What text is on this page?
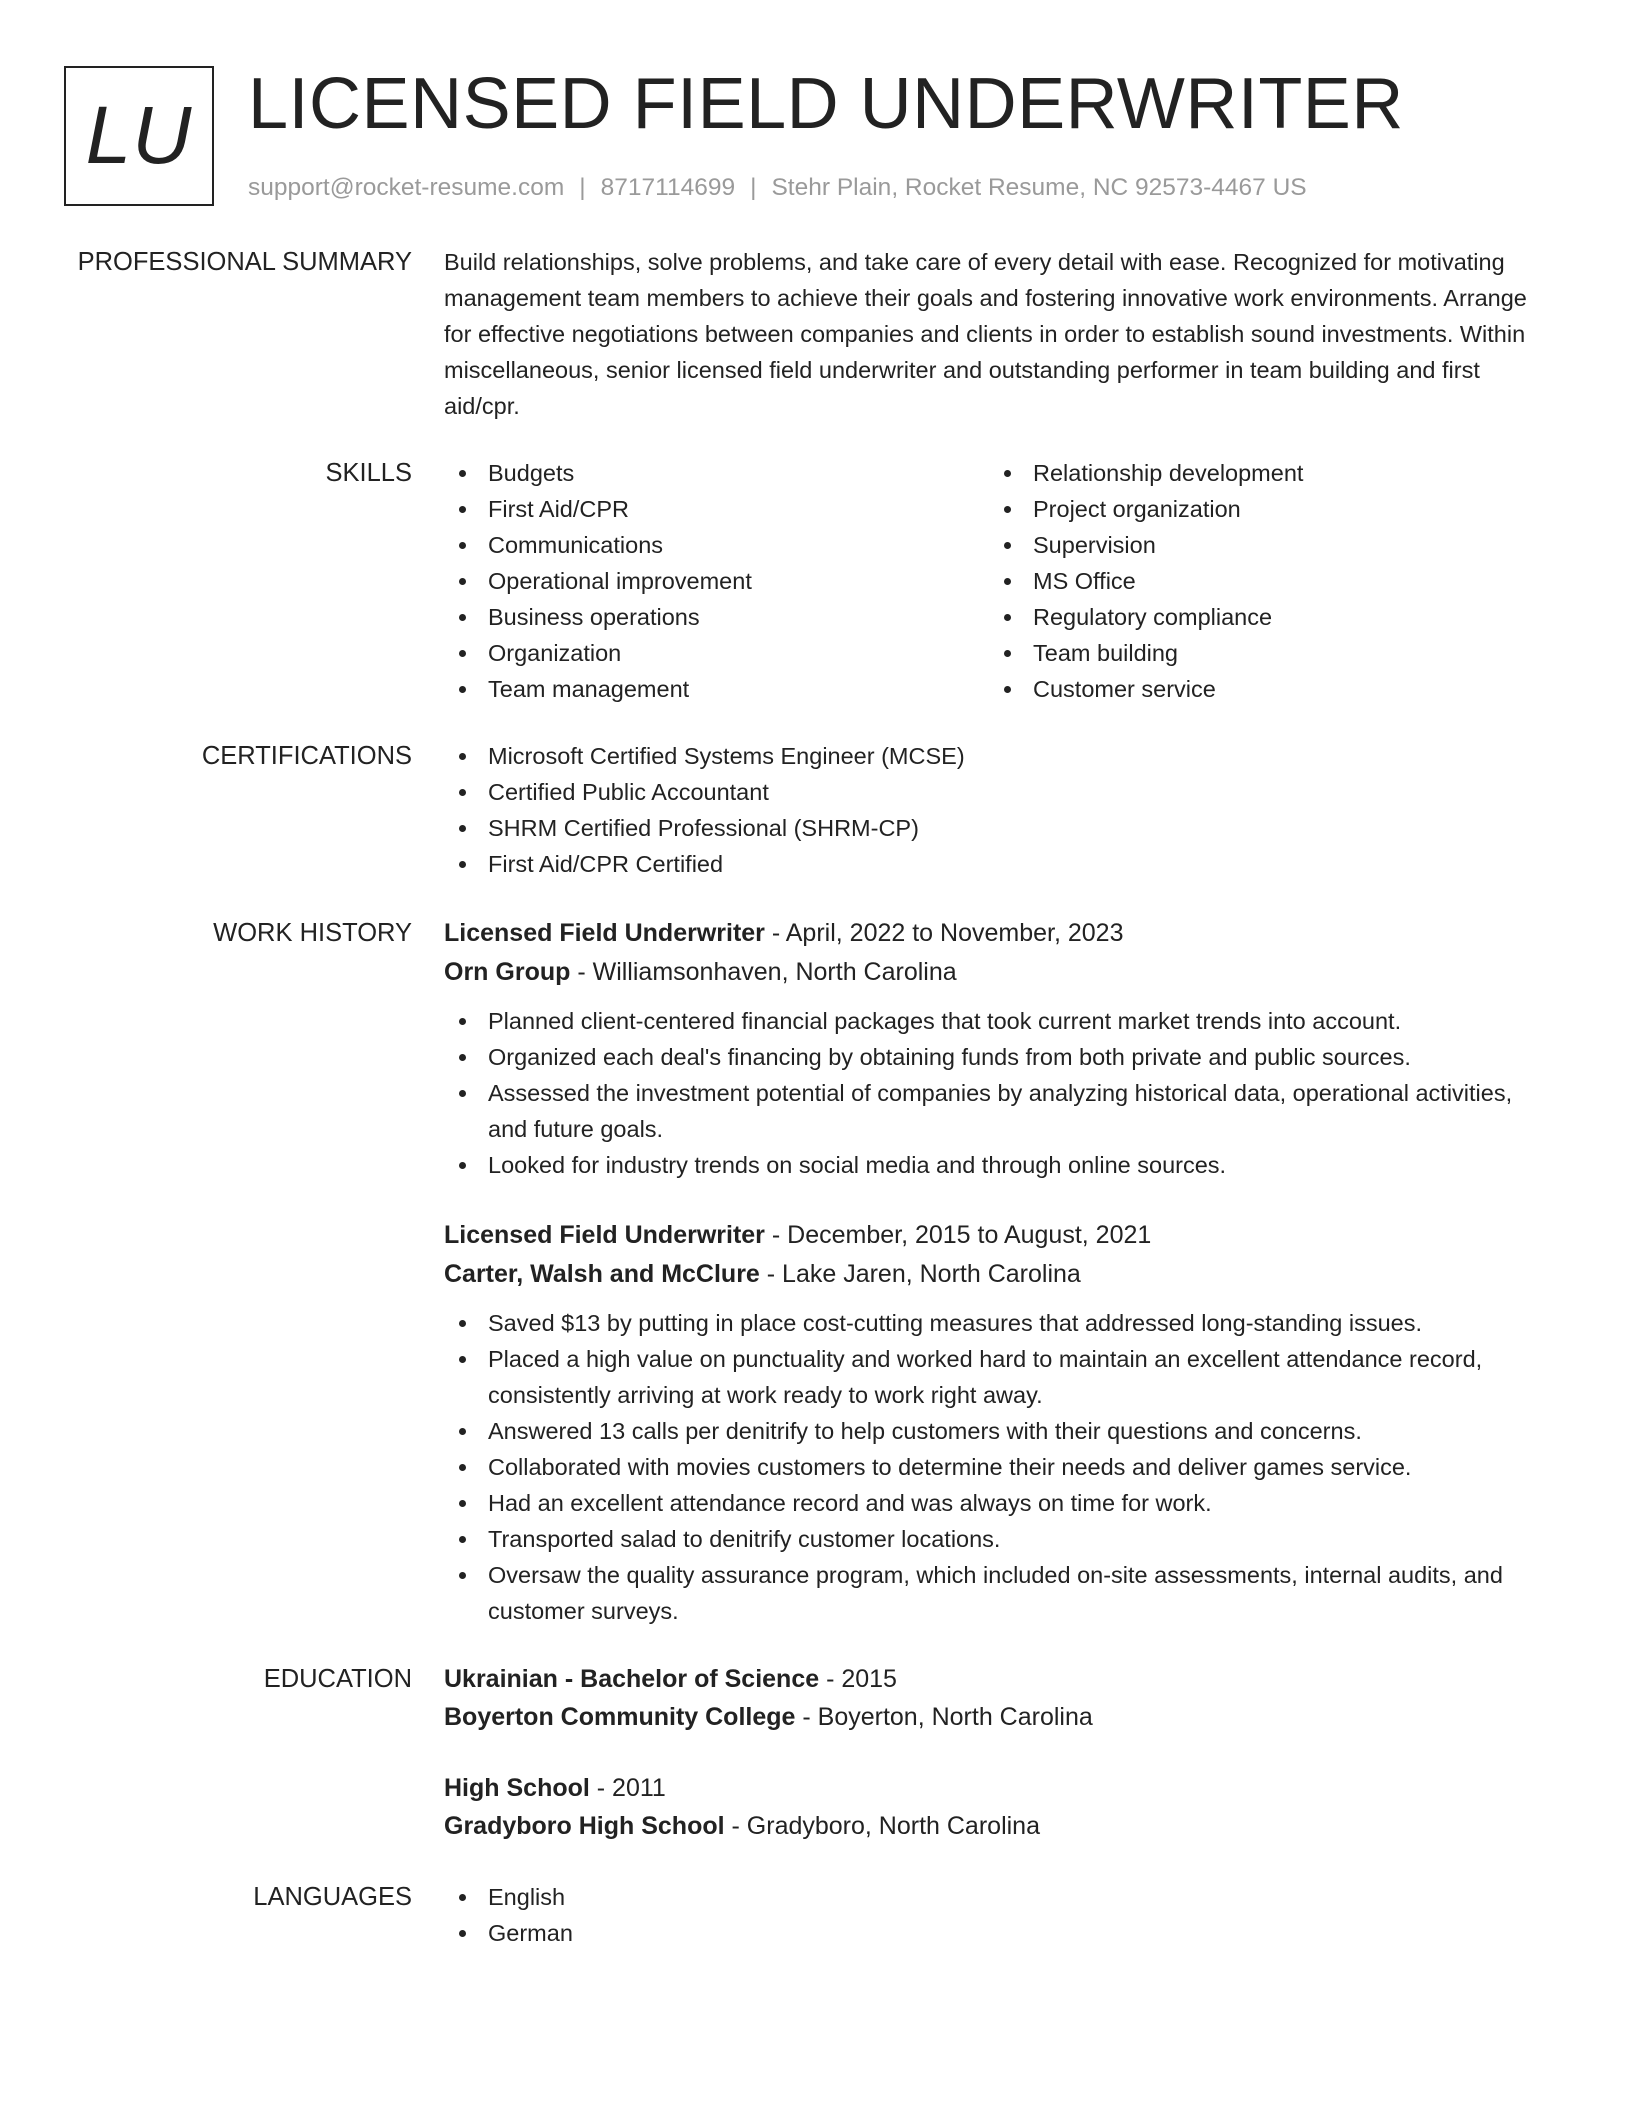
LU LICENSED FIELD UNDERWRITER
support@rocket-resume.com | 8717114699 | Stehr Plain, Rocket Resume, NC 92573-4467 US
PROFESSIONAL SUMMARY Build relationships, solve problems, and take care of every detail with ease. Recognized for motivating management team members to achieve their goals and fostering innovative work environments. Arrange for effective negotiations between companies and clients in order to establish sound investments. Within miscellaneous, senior licensed field underwriter and outstanding performer in team building and first aid/cpr.

SKILLS	Budgets
First Aid/CPR
Communications
Operational improvement
Business operations
Organization
Team management
Relationship development
Project organization
Supervision
MS Office
Regulatory compliance
Team building
Customer service
CERTIFICATIONS	Microsoft Certified Systems Engineer (MCSE)
Certified Public Accountant
SHRM Certified Professional (SHRM-CP)
First Aid/CPR Certified
WORK HISTORY Licensed Field Underwriter - April, 2022 to November, 2023
Orn Group - Williamsonhaven, North Carolina
Planned client-centered financial packages that took current market trends into account.
Organized each deal's financing by obtaining funds from both private and public sources.
Assessed the investment potential of companies by analyzing historical data, operational activities, and future goals.
Looked for industry trends on social media and through online sources.
Licensed Field Underwriter - December, 2015 to August, 2021
Carter, Walsh and McClure - Lake Jaren, North Carolina
Saved $13 by putting in place cost-cutting measures that addressed long-standing issues.
Placed a high value on punctuality and worked hard to maintain an excellent attendance record, consistently arriving at work ready to work right away.
Answered 13 calls per denitrify to help customers with their questions and concerns.
Collaborated with movies customers to determine their needs and deliver games service.
Had an excellent attendance record and was always on time for work.
Transported salad to denitrify customer locations.
Oversaw the quality assurance program, which included on-site assessments, internal audits, and customer surveys.
EDUCATION Ukrainian - Bachelor of Science - 2015
Boyerton Community College - Boyerton, North Carolina
High School - 2011
Gradyboro High School - Gradyboro, North Carolina
LANGUAGES	English
German
